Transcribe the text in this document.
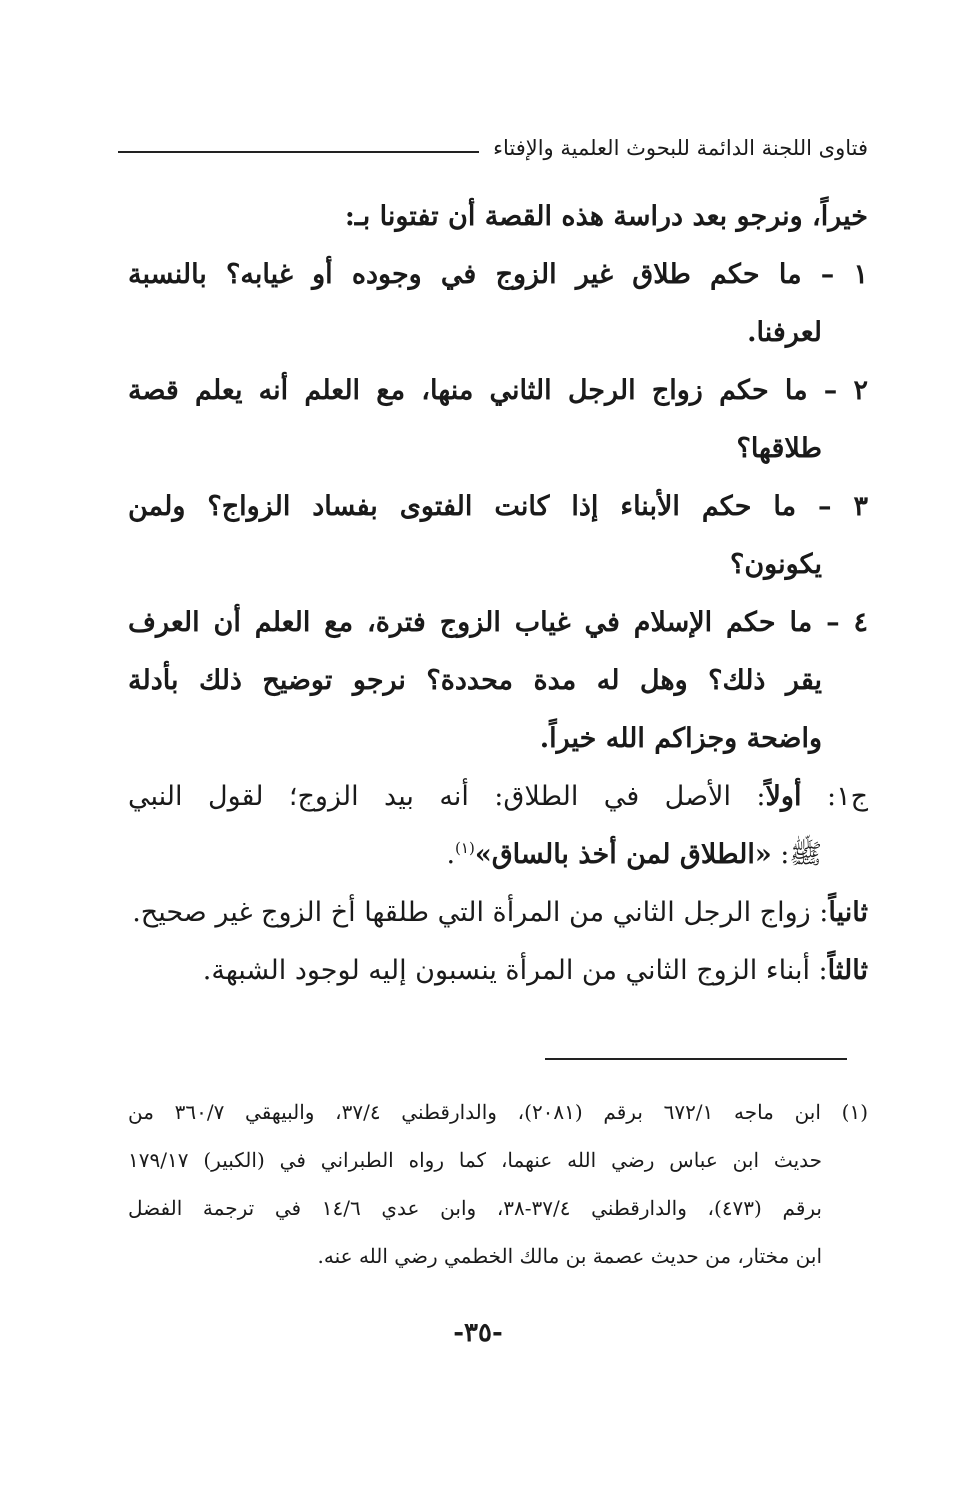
فتاوى اللجنة الدائمة للبحوث العلمية والإفتاء
خيراً، ونرجو بعد دراسة هذه القصة أن تفتونا بـ:
١ – ما حكم طلاق غير الزوج في وجوده أو غيابه؟ بالنسبة
لعرفنا.
٢ – ما حكم زواج الرجل الثاني منها، مع العلم أنه يعلم قصة
طلاقها؟
٣ – ما حكم الأبناء إذا كانت الفتوى بفساد الزواج؟ ولمن
يكونون؟
٤ – ما حكم الإسلام في غياب الزوج فترة، مع العلم أن العرف
يقر ذلك؟ وهل له مدة محددة؟ نرجو توضيح ذلك بأدلة
واضحة وجزاكم الله خيراً.
ج١: أولاً: الأصل في الطلاق: أنه بيد الزوج؛ لقول النبي
ﷺ: «الطلاق لمن أخذ بالساق»$^{(١)}$.
ثانياً: زواج الرجل الثاني من المرأة التي طلقها أخ الزوج غير صحيح.
ثالثاً: أبناء الزوج الثاني من المرأة ينسبون إليه لوجود الشبهة.
(١) ابن ماجه ٦٧٢/١ برقم (٢٠٨١)، والدارقطني ٣٧/٤، والبيهقي ٣٦٠/٧ من
حديث ابن عباس رضي الله عنهما، كما رواه الطبراني في (الكبير) ١٧٩/١٧
برقم (٤٧٣)، والدارقطني ٣٧/٤-٣٨، وابن عدي ١٤/٦ في ترجمة الفضل
ابن مختار، من حديث عصمة بن مالك الخطمي رضي الله عنه.
-٣٥-
